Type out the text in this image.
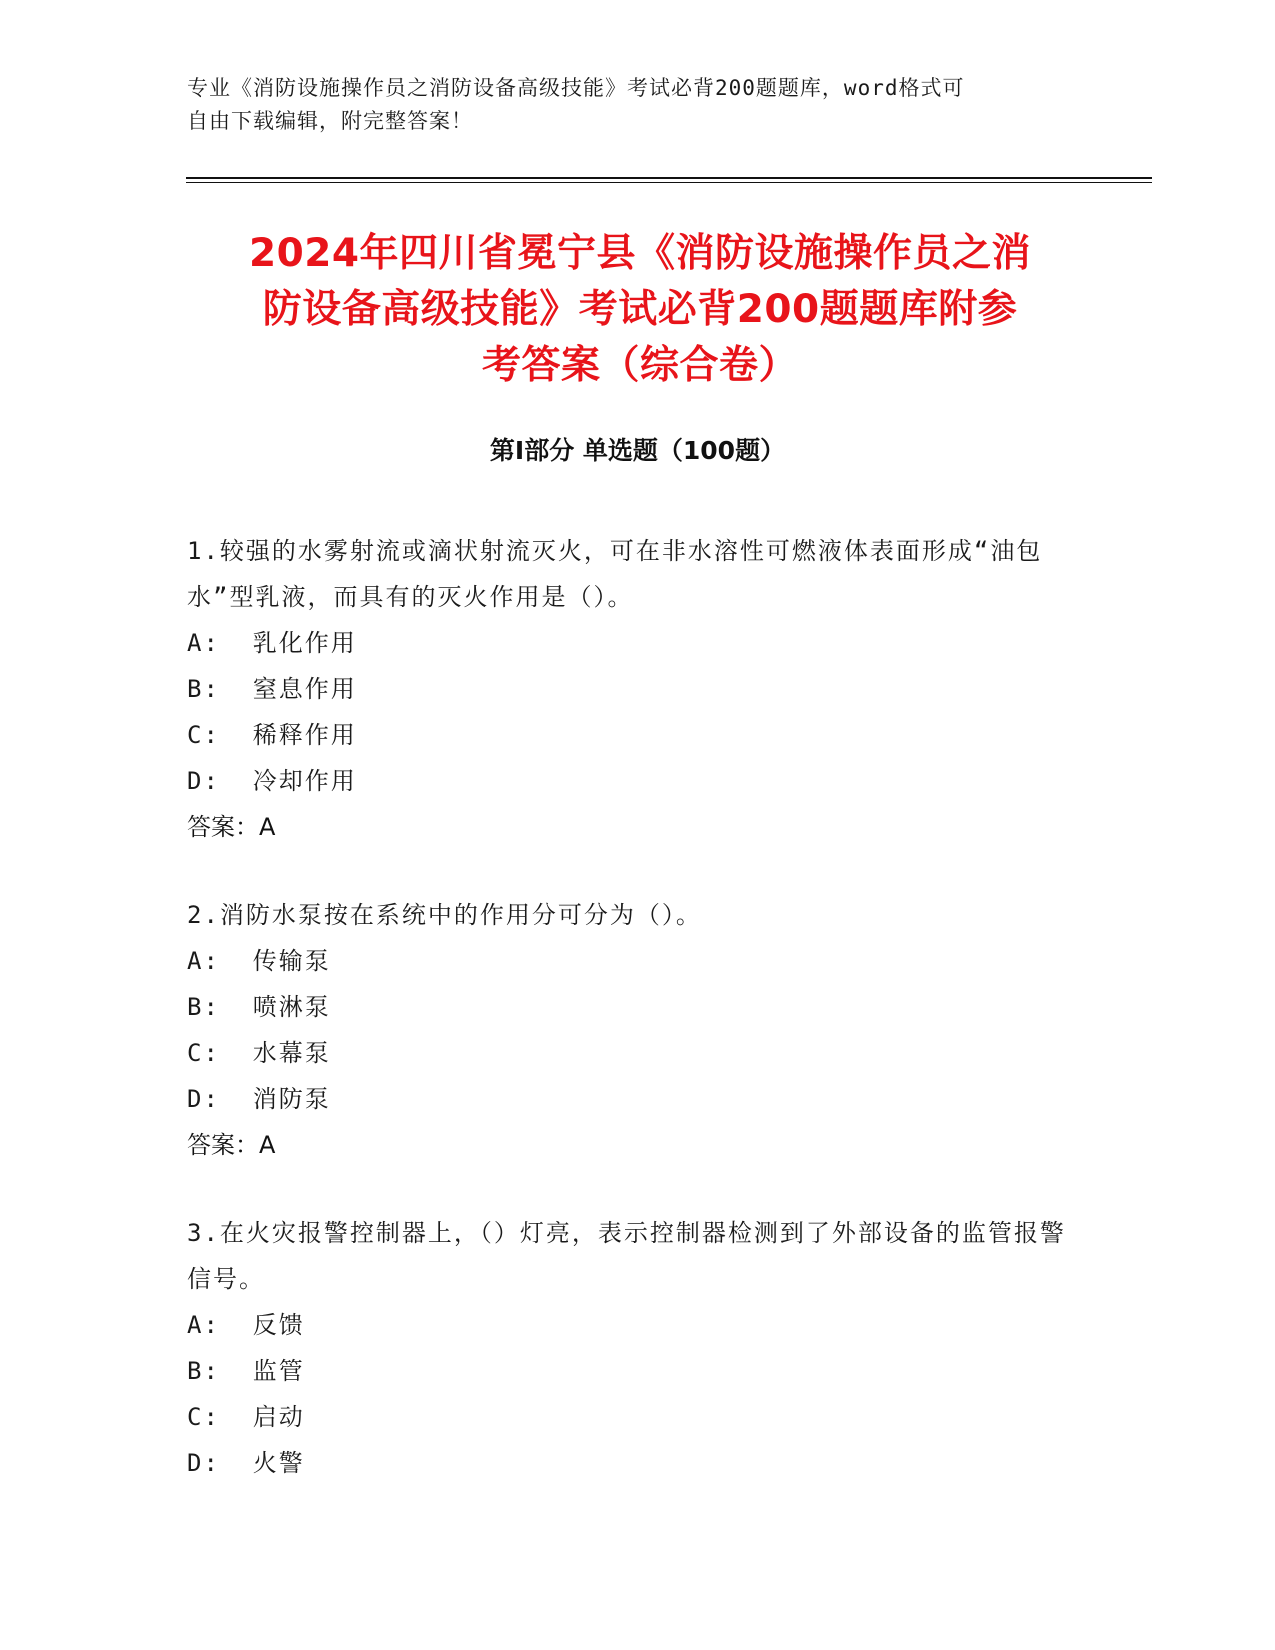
专业《消防设施操作员之消防设备高级技能》考试必背200题题库，word格式可
自由下载编辑，附完整答案！
2024年四川省冕宁县《消防设施操作员之消
防设备高级技能》考试必背200题题库附参
考答案（综合卷）
第Ⅰ部分 单选题（100题）

1.较强的水雾射流或滴状射流灭火，可在非水溶性可燃液体表面形成“油包水”型乳液，而具有的灭火作用是（）。

A:  乳化作用

B:  窒息作用

C:  稀释作用

D:  冷却作用

答案：A

2.消防水泵按在系统中的作用分可分为（）。

A:  传输泵

B:  喷淋泵

C:  水幕泵

D:  消防泵

答案：A

3.在火灾报警控制器上，（）灯亮，表示控制器检测到了外部设备的监管报警信号。

A:  反馈

B:  监管

C:  启动

D:  火警
